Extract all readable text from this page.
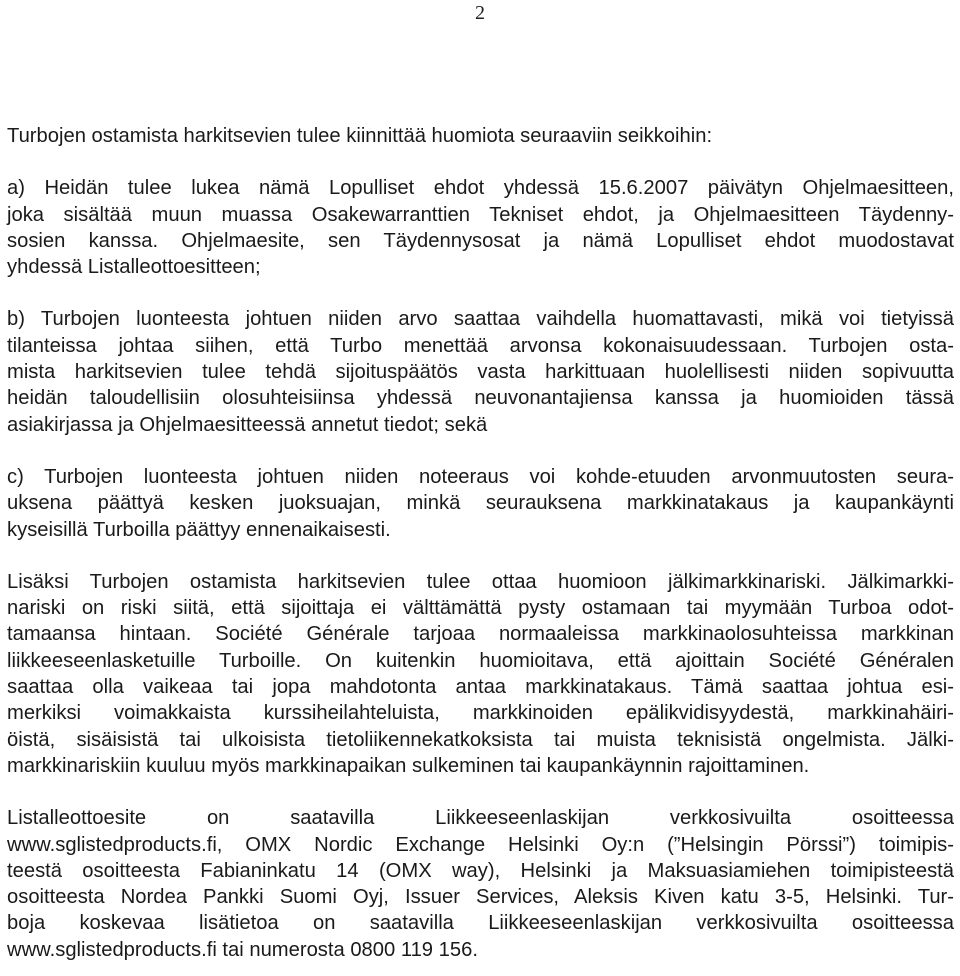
2

Turbojen ostamista harkitsevien tulee kiinnittää huomiota seuraaviin seikkoihin:

a) Heidän tulee lukea nämä Lopulliset ehdot yhdessä 15.6.2007 päivätyn Ohjelmaesitteen,
joka sisältää muun muassa Osakewarranttien Tekniset ehdot, ja Ohjelmaesitteen Täydenny-
sosien kanssa. Ohjelmaesite, sen Täydennysosat ja nämä Lopulliset ehdot muodostavat
yhdessä Listalleottoesitteen;

b) Turbojen luonteesta johtuen niiden arvo saattaa vaihdella huomattavasti, mikä voi tietyissä
tilanteissa johtaa siihen, että Turbo menettää arvonsa kokonaisuudessaan. Turbojen osta-
mista harkitsevien tulee tehdä sijoituspäätös vasta harkittuaan huolellisesti niiden sopivuutta
heidän taloudellisiin olosuhteisiinsa yhdessä neuvonantajiensa kanssa ja huomioiden tässä
asiakirjassa ja Ohjelmaesitteessä annetut tiedot; sekä

c) Turbojen luonteesta johtuen niiden noteeraus voi kohde-etuuden arvonmuutosten seura-
uksena päättyä kesken juoksuajan, minkä seurauksena markkinatakaus ja kaupankäynti
kyseisillä Turboilla päättyy ennenaikaisesti.

Lisäksi Turbojen ostamista harkitsevien tulee ottaa huomioon jälkimarkkinariski. Jälkimarkki-
nariski on riski siitä, että sijoittaja ei välttämättä pysty ostamaan tai myymään Turboa odot-
tamaansa hintaan. Société Générale tarjoaa normaaleissa markkinaolosuhteissa markkinan
liikkeeseenlasketuille Turboille. On kuitenkin huomioitava, että ajoittain Société Généralen
saattaa olla vaikeaa tai jopa mahdotonta antaa markkinatakaus. Tämä saattaa johtua esi-
merkiksi voimakkaista kurssiheilahteluista, markkinoiden epälikvidisyydestä, markkinahäiri-
öistä, sisäisistä tai ulkoisista tietoliikennekatkoksista tai muista teknisistä ongelmista. Jälki-
markkinariskiin kuuluu myös markkinapaikan sulkeminen tai kaupankäynnin rajoittaminen.

Listalleottoesite on saatavilla Liikkeeseenlaskijan verkkosivuilta osoitteessa
www.sglistedproducts.fi, OMX Nordic Exchange Helsinki Oy:n (”Helsingin Pörssi”) toimipis-
teestä osoitteesta Fabianinkatu 14 (OMX way), Helsinki ja Maksuasiamiehen toimipisteestä
osoitteesta Nordea Pankki Suomi Oyj, Issuer Services, Aleksis Kiven katu 3-5, Helsinki. Tur-
boja koskevaa lisätietoa on saatavilla Liikkeeseenlaskijan verkkosivuilta osoitteessa
www.sglistedproducts.fi tai numerosta 0800 119 156.
